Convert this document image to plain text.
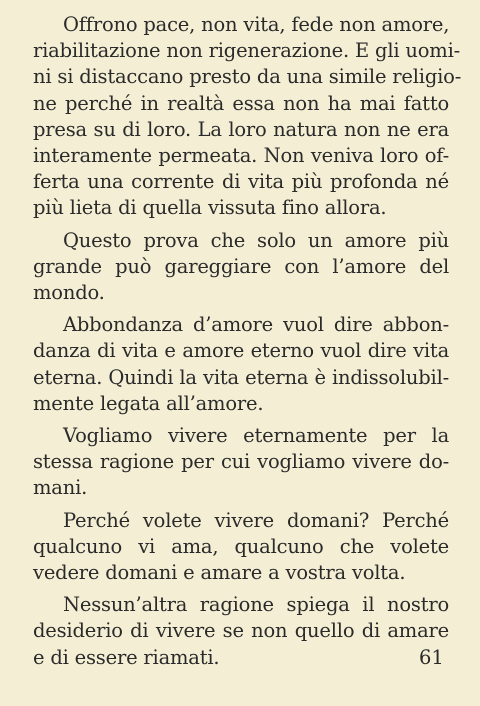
Offrono pace, non vita, fede non amore,
riabilitazione non rigenerazione. E gli uomi-
ni si distaccano presto da una simile religio-
ne perché in realtà essa non ha mai fatto
presa su di loro. La loro natura non ne era
interamente permeata. Non veniva loro of-
ferta una corrente di vita più profonda né
più lieta di quella vissuta fino allora.
Questo prova che solo un amore più
grande può gareggiare con l’amore del
mondo.
Abbondanza d’amore vuol dire abbon-
danza di vita e amore eterno vuol dire vita
eterna. Quindi la vita eterna è indissolubil-
mente legata all’amore.
Vogliamo vivere eternamente per la
stessa ragione per cui vogliamo vivere do-
mani.
Perché volete vivere domani? Perché
qualcuno vi ama, qualcuno che volete
vedere domani e amare a vostra volta.
Nessun’altra ragione spiega il nostro
desiderio di vivere se non quello di amare
e di essere riamati.	61
